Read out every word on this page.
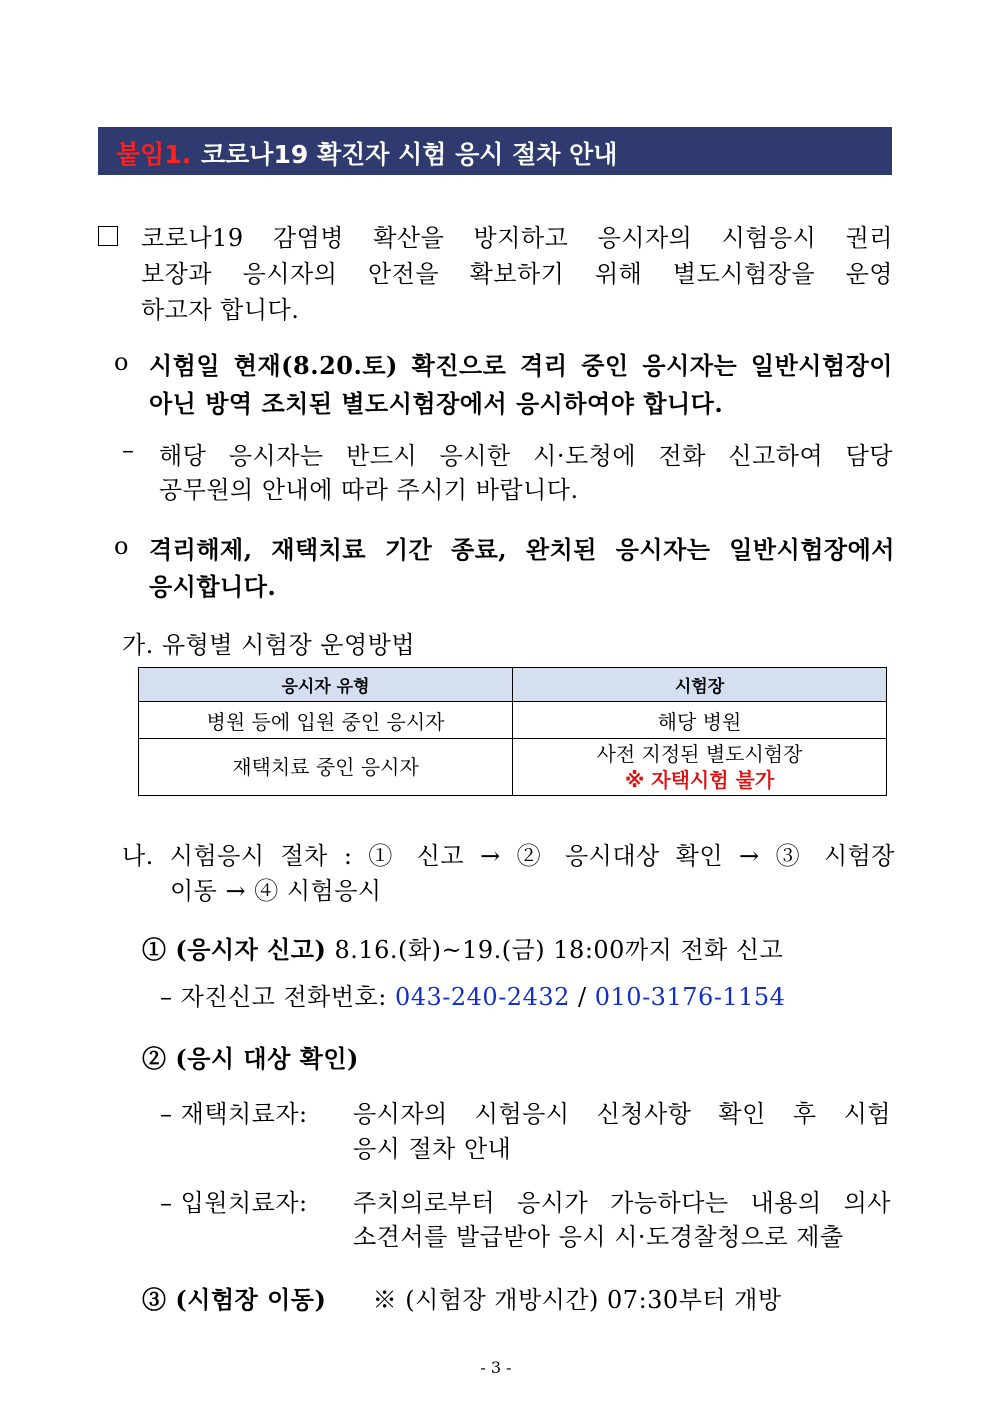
붙임1. 코로나19 확진자 시험 응시 절차 안내
코로나19 감염병 확산을 방지하고 응시자의 시험응시 권리
보장과 응시자의 안전을 확보하기 위해 별도시험장을 운영
하고자 합니다.
ο 시험일 현재(8.20.토) 확진으로 격리 중인 응시자는 일반시험장이
아닌 방역 조치된 별도시험장에서 응시하여야 합니다.
– 해당 응시자는 반드시 응시한 시·도청에 전화 신고하여 담당
공무원의 안내에 따라 주시기 바랍니다.
ο 격리해제, 재택치료 기간 종료, 완치된 응시자는 일반시험장에서
응시합니다.
가. 유형별 시험장 운영방법
응시자 유형	시험장
병원 등에 입원 중인 응시자	해당 병원
재택치료 중인 응시자	사전 지정된 별도시험장
※ 자택시험 불가
나. 시험응시 절차 : ① 신고 → ② 응시대상 확인 → ③ 시험장
이동 → ④ 시험응시
① (응시자 신고) 8.16.(화)~19.(금) 18:00까지 전화 신고
– 자진신고 전화번호: 043-240-2432 / 010-3176-1154
② (응시 대상 확인)
– 재택치료자: 응시자의 시험응시 신청사항 확인 후 시험
응시 절차 안내
– 입원치료자: 주치의로부터 응시가 가능하다는 내용의 의사
소견서를 발급받아 응시 시·도경찰청으로 제출
③ (시험장 이동) ※ (시험장 개방시간) 07:30부터 개방
- 3 -
